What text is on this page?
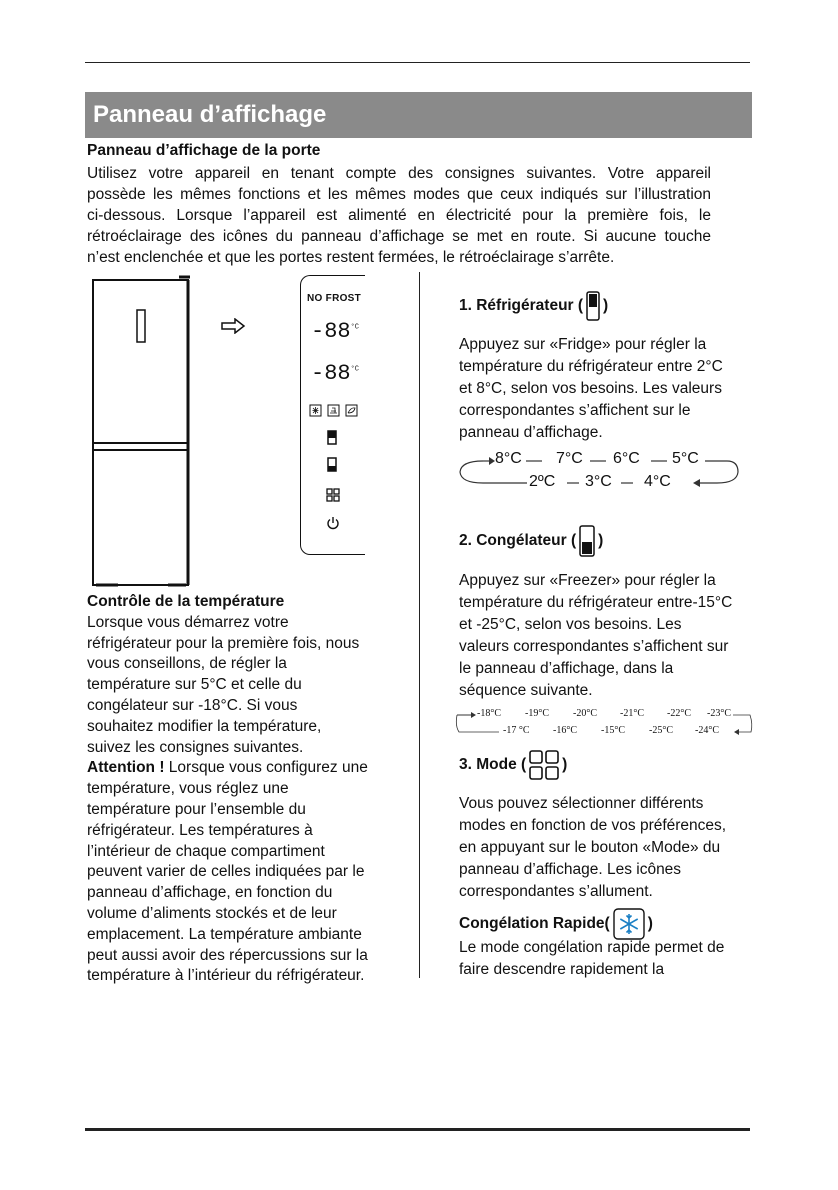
Panneau d’affichage
Panneau d’affichage de la porte
Utilisez votre appareil en tenant compte des consignes suivantes. Votre appareil
possède les mêmes fonctions et les mêmes modes que ceux indiqués sur l’illustration
ci-dessous. Lorsque l’appareil est alimenté en électricité pour la première fois, le
rétroéclairage des icônes du panneau d’affichage se met en route. Si aucune touche
n’est enclenchée et que les portes restent fermées, le rétroéclairage s’arrête.
NO FROST
$-88^{^\circ C}$
$-88^{^\circ C}$
Contrôle de la température
Lorsque vous démarrez votre
réfrigérateur pour la première fois, nous
vous conseillons, de régler la
température sur 5°C et celle du
congélateur sur -18°C. Si vous
souhaitez modifier la température,
suivez les consignes suivantes.
Attention ! Lorsque vous configurez une
température, vous réglez une
température pour l’ensemble du
réfrigérateur. Les températures à
l’intérieur de chaque compartiment
peuvent varier de celles indiquées par le
panneau d’affichage, en fonction du
volume d’aliments stockés et de leur
emplacement. La température ambiante
peut aussi avoir des répercussions sur la
température à l’intérieur du réfrigérateur.
1. Réfrigérateur ( )
Appuyez sur «Fridge» pour régler la
température du réfrigérateur entre 2°C
et 8°C, selon vos besoins. Les valeurs
correspondantes s’affichent sur le
panneau d’affichage.
8°C 7°C 6°C 5°C
2ºC 3°C 4°C
2. Congélateur ( )
Appuyez sur «Freezer» pour régler la
température du réfrigérateur entre-15°C
et -25°C, selon vos besoins. Les
valeurs correspondantes s’affichent sur
le panneau d’affichage, dans la
séquence suivante.
-18°C -19°C -20°C -21°C -22°C -23°C
-17 °C -16°C -15°C -25°C -24°C
3. Mode ( )
Vous pouvez sélectionner différents
modes en fonction de vos préférences,
en appuyant sur le bouton «Mode» du
panneau d’affichage. Les icônes
correspondantes s’allument.
Congélation Rapide( )
Le mode congélation rapide permet de
faire descendre rapidement la
